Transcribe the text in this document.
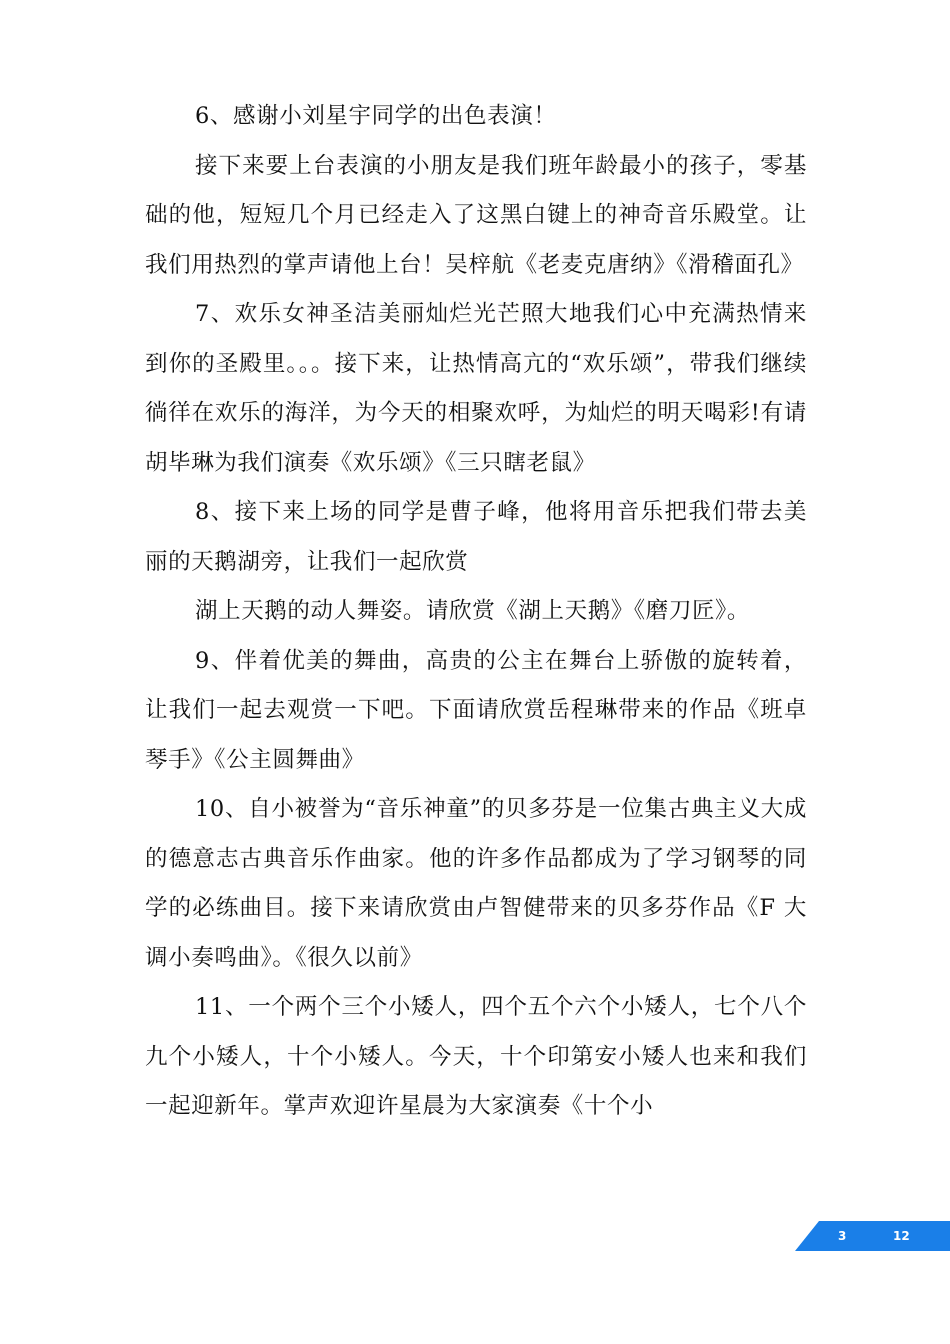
6、感谢小刘星宇同学的出色表演！

接下来要上台表演的小朋友是我们班年龄最小的孩子，零基础的他，短短几个月已经走入了这黑白键上的神奇音乐殿堂。让我们用热烈的掌声请他上台！吴梓航《老麦克唐纳》《滑稽面孔》

7、欢乐女神圣洁美丽灿烂光芒照大地我们心中充满热情来到你的圣殿里。。。接下来，让热情高亢的“欢乐颂”，带我们继续徜徉在欢乐的海洋，为今天的相聚欢呼，为灿烂的明天喝彩!有请胡毕琳为我们演奏《欢乐颂》《三只瞎老鼠》

8、接下来上场的同学是曹子峰，他将用音乐把我们带去美丽的天鹅湖旁，让我们一起欣赏

湖上天鹅的动人舞姿。请欣赏《湖上天鹅》《磨刀匠》。

9、伴着优美的舞曲，高贵的公主在舞台上骄傲的旋转着，让我们一起去观赏一下吧。下面请欣赏岳程琳带来的作品《班卓琴手》《公主圆舞曲》

10、自小被誉为“音乐神童”的贝多芬是一位集古典主义大成的德意志古典音乐作曲家。他的许多作品都成为了学习钢琴的同学的必练曲目。接下来请欣赏由卢智健带来的贝多芬作品《F 大调小奏鸣曲》。《很久以前》

11、一个两个三个小矮人，四个五个六个小矮人，七个八个九个小矮人，十个小矮人。今天，十个印第安小矮人也来和我们一起迎新年。掌声欢迎许星晨为大家演奏《十个小

3	12
